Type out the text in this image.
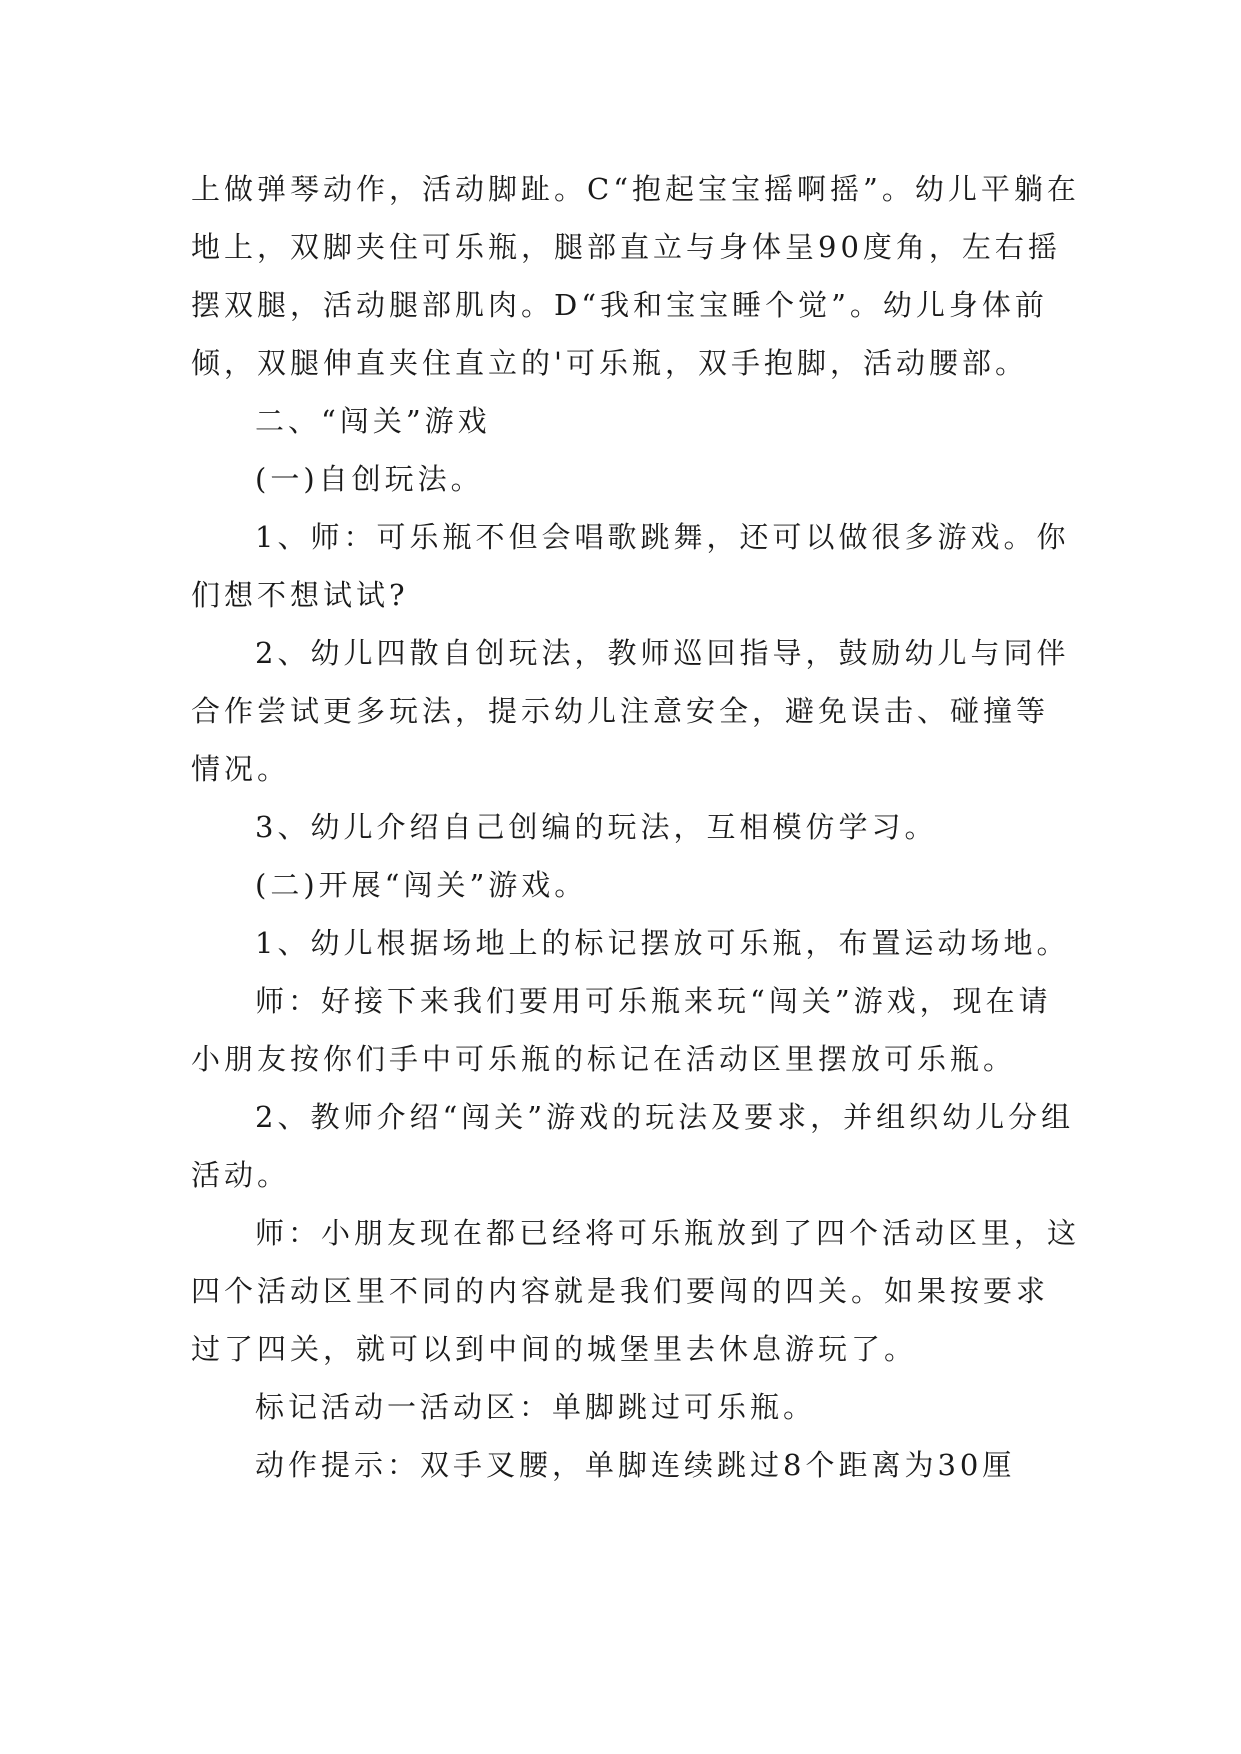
上做弹琴动作，活动脚趾。C“抱起宝宝摇啊摇”。幼儿平躺在地上，双脚夹住可乐瓶，腿部直立与身体呈90度角，左右摇摆双腿，活动腿部肌肉。D“我和宝宝睡个觉”。幼儿身体前倾，双腿伸直夹住直立的'可乐瓶，双手抱脚，活动腰部。

二、“闯关”游戏

(一)自创玩法。

1、师：可乐瓶不但会唱歌跳舞，还可以做很多游戏。你们想不想试试?

2、幼儿四散自创玩法，教师巡回指导，鼓励幼儿与同伴合作尝试更多玩法，提示幼儿注意安全，避免误击、碰撞等情况。

3、幼儿介绍自己创编的玩法，互相模仿学习。

(二)开展“闯关”游戏。

1、幼儿根据场地上的标记摆放可乐瓶，布置运动场地。

师：好接下来我们要用可乐瓶来玩“闯关”游戏，现在请小朋友按你们手中可乐瓶的标记在活动区里摆放可乐瓶。

2、教师介绍“闯关”游戏的玩法及要求，并组织幼儿分组活动。

师：小朋友现在都已经将可乐瓶放到了四个活动区里，这四个活动区里不同的内容就是我们要闯的四关。如果按要求过了四关，就可以到中间的城堡里去休息游玩了。

标记活动一活动区：单脚跳过可乐瓶。

动作提示：双手叉腰，单脚连续跳过8个距离为30厘
